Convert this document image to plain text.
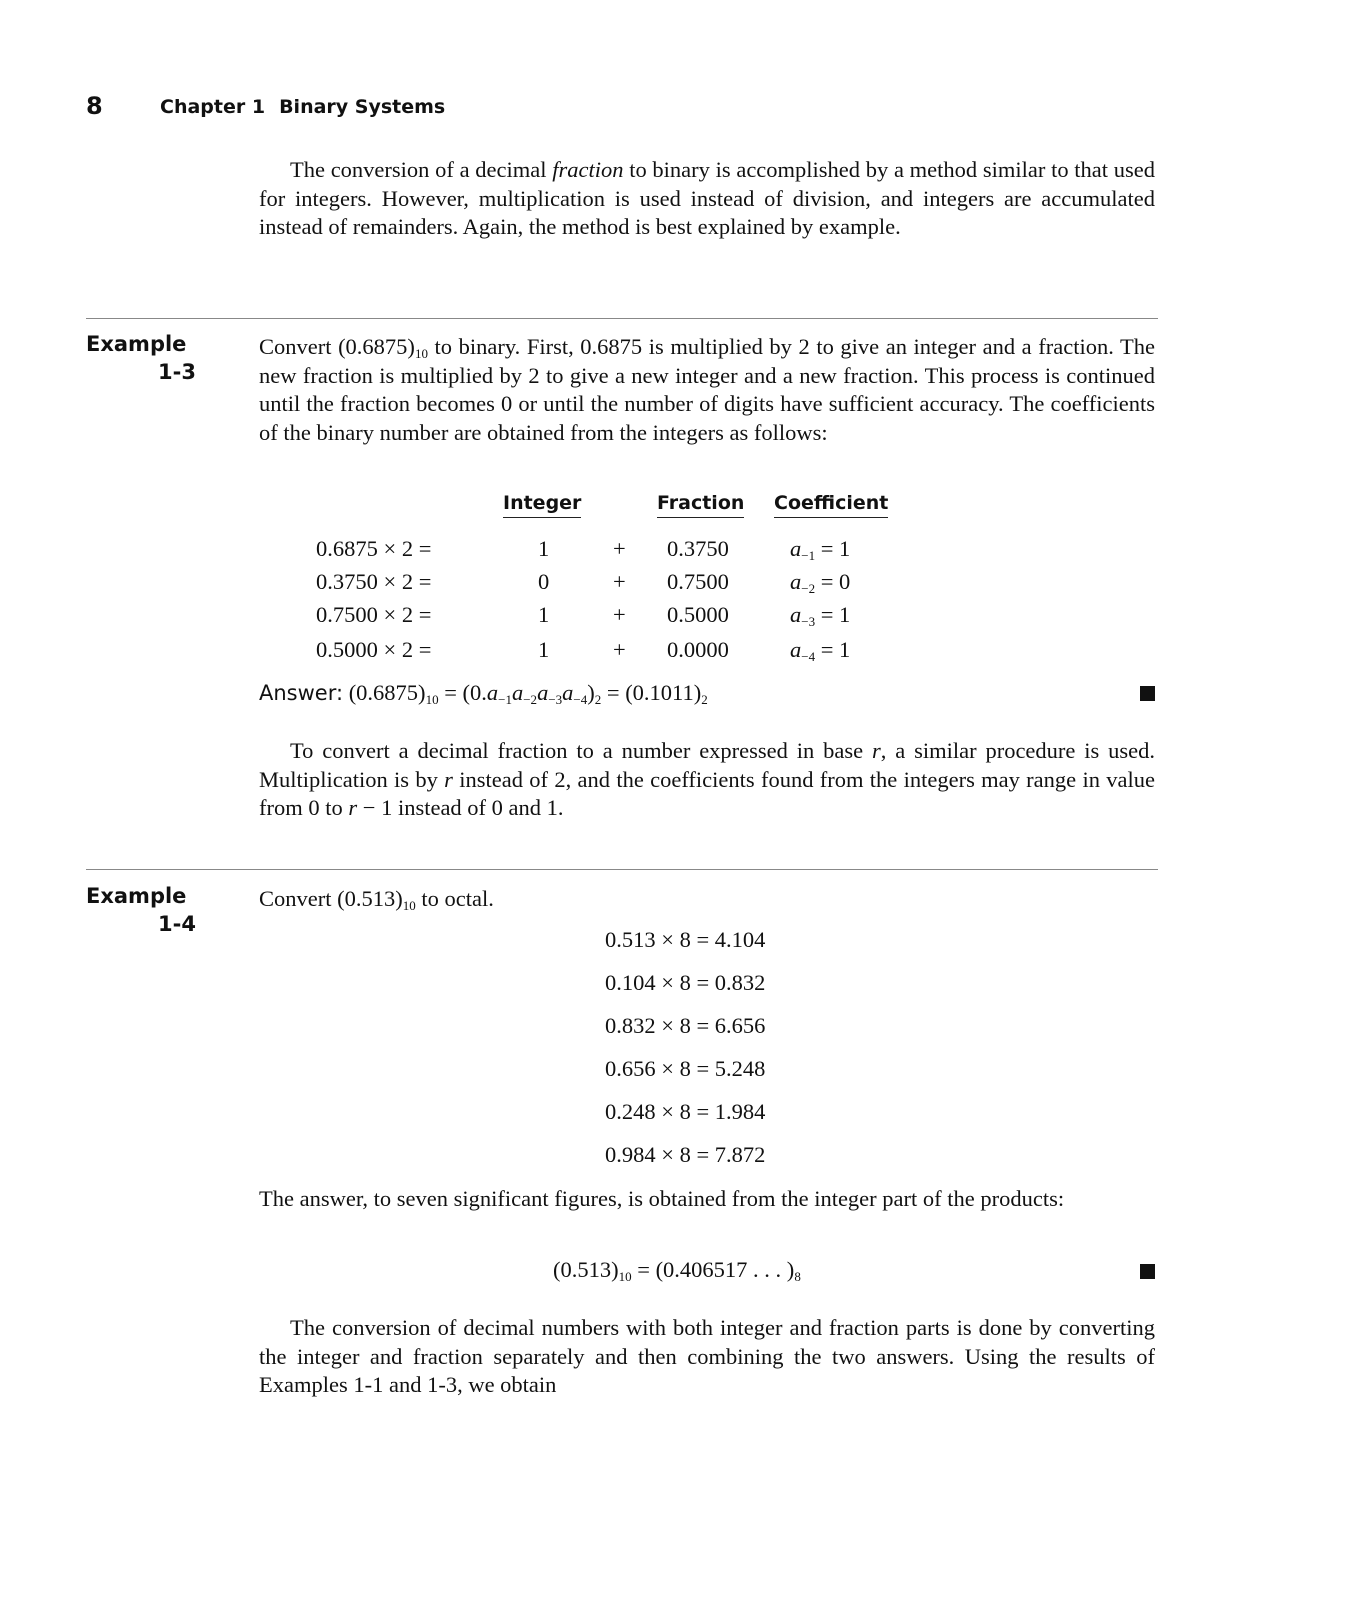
8	Chapter 1 Binary Systems
The conversion of a decimal fraction to binary is accomplished by a method similar to that used for integers. However, multiplication is used instead of division, and integers are accumulated instead of remainders. Again, the method is best explained by example.
Example
1-3
Convert $(0.6875)_{10}$ to binary. First, 0.6875 is multiplied by 2 to give an integer and a fraction. The new fraction is multiplied by 2 to give a new integer and a new fraction. This process is continued until the fraction becomes 0 or until the number of digits have sufficient accuracy. The coefficients of the binary number are obtained from the integers as follows:
Integer	Fraction Coefficient
0.6875 × 2 =	1	+ 0.3750	$a_{-1} = 1$
0.3750 × 2 =	0	+ 0.7500	$a_{-2} = 0$
0.7500 × 2 =	1	+ 0.5000	$a_{-3} = 1$
0.5000 × 2 =	1	+ 0.0000	$a_{-4} = 1$
Answer: $(0.6875)_{10} = (0.a_{-1}a_{-2}a_{-3}a_{-4})_2 = (0.1011)_2$
To convert a decimal fraction to a number expressed in base r, a similar procedure is used. Multiplication is by r instead of 2, and the coefficients found from the integers may range in value from 0 to r − 1 instead of 0 and 1.
Example
1-4
Convert $(0.513)_{10}$ to octal.
0.513 × 8 = 4.104
0.104 × 8 = 0.832
0.832 × 8 = 6.656
0.656 × 8 = 5.248
0.248 × 8 = 1.984
0.984 × 8 = 7.872
The answer, to seven significant figures, is obtained from the integer part of the products:
$(0.513)_{10} = (0.406517$ . . . )$_8$
The conversion of decimal numbers with both integer and fraction parts is done by converting the integer and fraction separately and then combining the two answers. Using the results of Examples 1-1 and 1-3, we obtain
